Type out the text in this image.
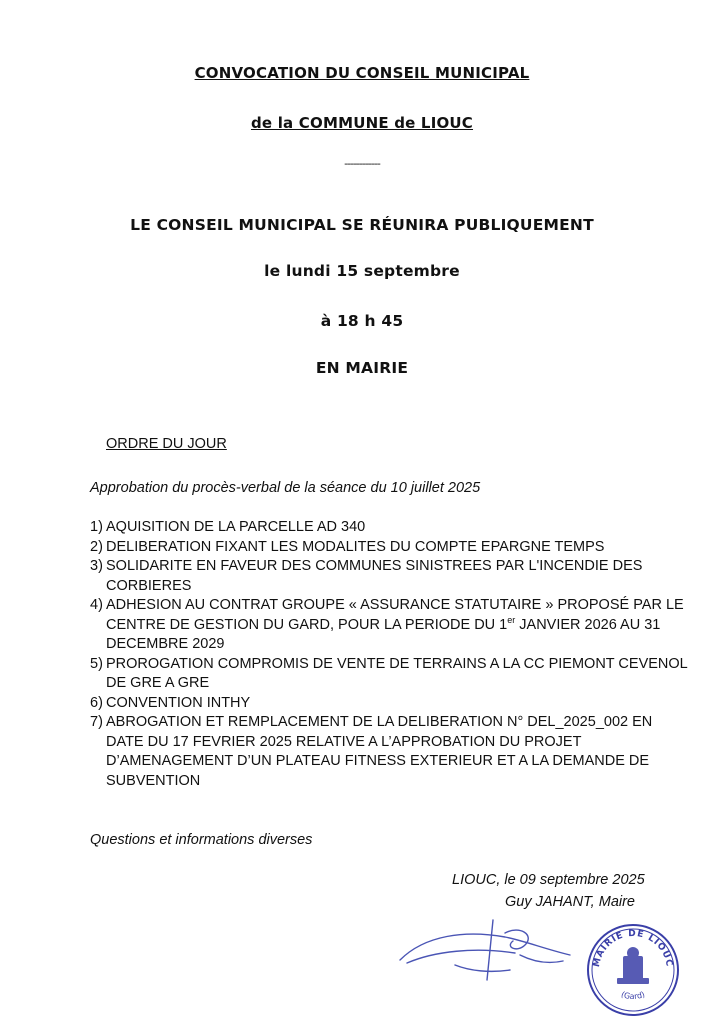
CONVOCATION DU CONSEIL MUNICIPAL
de la COMMUNE de LIOUC
------------
LE CONSEIL MUNICIPAL SE RÉUNIRA PUBLIQUEMENT
le lundi 15 septembre
à 18 h 45
EN MAIRIE
ORDRE DU JOUR
Approbation du procès-verbal de la séance du 10 juillet 2025
1) AQUISITION DE LA PARCELLE AD 340
2) DELIBERATION FIXANT LES MODALITES DU COMPTE EPARGNE TEMPS
3) SOLIDARITE EN FAVEUR DES COMMUNES SINISTREES PAR L'INCENDIE DES CORBIERES
4) ADHESION AU CONTRAT GROUPE « ASSURANCE STATUTAIRE » PROPOSÉ PAR LE CENTRE DE GESTION DU GARD, POUR LA PERIODE DU 1er JANVIER 2026 AU 31 DECEMBRE 2029
5) PROROGATION COMPROMIS DE VENTE DE TERRAINS A LA CC PIEMONT CEVENOL DE GRE A GRE
6) CONVENTION INTHY
7) ABROGATION ET REMPLACEMENT DE LA DELIBERATION N° DEL_2025_002 EN DATE DU 17 FEVRIER 2025 RELATIVE A L’APPROBATION DU PROJET D’AMENAGEMENT D’UN PLATEAU FITNESS EXTERIEUR ET A LA DEMANDE DE SUBVENTION
Questions et informations diverses
LIOUC, le 09 septembre 2025
Guy JAHANT, Maire
MAIRIE DE LIOUC
(Gard)
